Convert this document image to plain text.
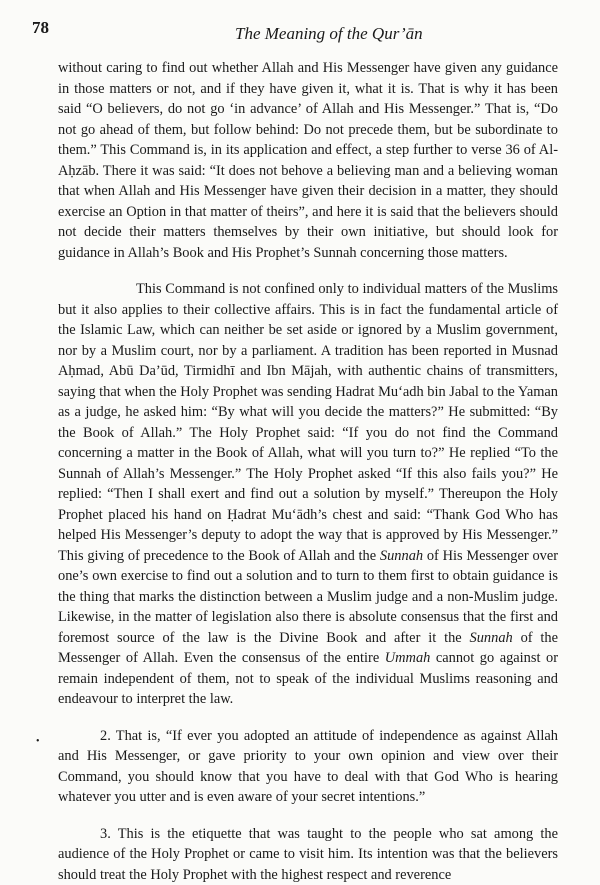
78	The Meaning of the Qur’ān

without caring to find out whether Allah and His Messenger have given any guidance in those matters or not, and if they have given it, what it is. That is why it has been said “O believers, do not go ‘in advance’ of Allah and His Messenger.” That is, “Do not go ahead of them, but follow behind: Do not precede them, but be subordinate to them.” This Command is, in its application and effect, a step further to verse 36 of Al-Aḥzāb. There it was said: “It does not behove a believing man and a believing woman that when Allah and His Messenger have given their decision in a matter, they should exercise an Option in that matter of theirs”, and here it is said that the believers should not decide their matters themselves by their own initiative, but should look for guidance in Allah’s Book and His Prophet’s Sunnah concerning those matters.

This Command is not confined only to individual matters of the Muslims but it also applies to their collective affairs. This is in fact the fundamental article of the Islamic Law, which can neither be set aside or ignored by a Muslim government, nor by a Muslim court, nor by a parliament. A tradition has been reported in Musnad Aḥmad, Abū Da’ūd, Tirmidhī and Ibn Mājah, with authentic chains of transmitters, saying that when the Holy Prophet was sending Hadrat Mu‘adh bin Jabal to the Yaman as a judge, he asked him: “By what will you decide the matters?” He submitted: “By the Book of Allah.” The Holy Prophet said: “If you do not find the Command concerning a matter in the Book of Allah, what will you turn to?” He replied “To the Sunnah of Allah’s Messenger.” The Holy Prophet asked “If this also fails you?” He replied: “Then I shall exert and find out a solution by myself.” Thereupon the Holy Prophet placed his hand on Ḥadrat Mu‘ādh’s chest and said: “Thank God Who has helped His Messenger’s deputy to adopt the way that is approved by His Messenger.” This giving of precedence to the Book of Allah and the Sunnah of His Messenger over one’s own exercise to find out a solution and to turn to them first to obtain guidance is the thing that marks the distinction between a Muslim judge and a non-Muslim judge. Likewise, in the matter of legislation also there is absolute consensus that the first and foremost source of the law is the Divine Book and after it the Sunnah of the Messenger of Allah. Even the consensus of the entire Ummah cannot go against or remain independent of them, not to speak of the individual Muslims reasoning and endeavour to interpret the law.

•	2. That is, “If ever you adopted an attitude of independence as against Allah and His Messenger, or gave priority to your own opinion and view over their Command, you should know that you have to deal with that God Who is hearing whatever you utter and is even aware of your secret intentions.”

3. This is the etiquette that was taught to the people who sat among the audience of the Holy Prophet or came to visit him. Its intention was that the believers should treat the Holy Prophet with the highest respect and reverence
